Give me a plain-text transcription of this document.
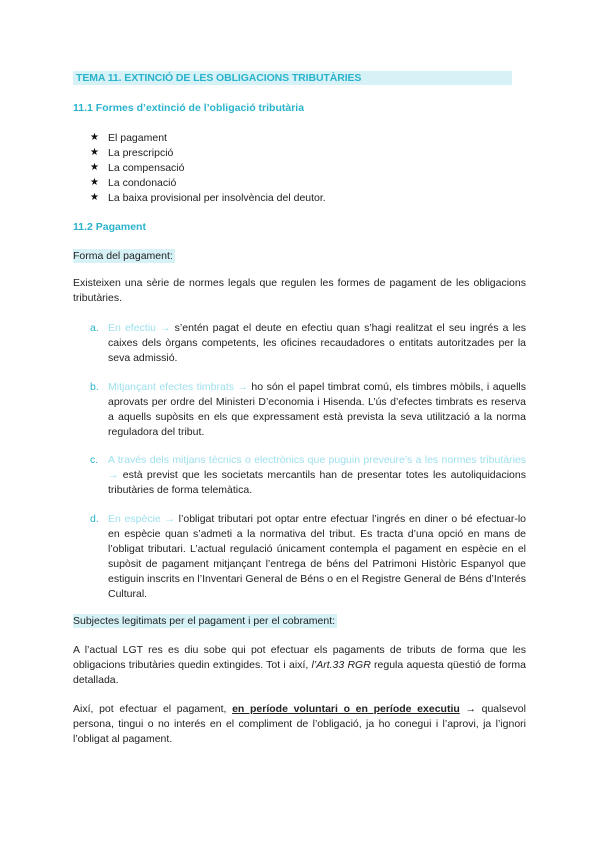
TEMA 11. EXTINCIÓ DE LES OBLIGACIONS TRIBUTÀRIES
11.1 Formes d’extinció de l’obligació tributària
★ El pagament
★ La prescripció
★ La compensació
★ La condonació
★ La baixa provisional per insolvència del deutor.
11.2 Pagament
Forma del pagament:
Existeixen una sèrie de normes legals que regulen les formes de pagament de les obligacions tributàries.
a. En efectiu → s’entén pagat el deute en efectiu quan s’hagi realitzat el seu ingrés a les caixes dels òrgans competents, les oficines recaudadores o entitats autoritzades per la seva admissió.
b. Mitjançant efectes timbrats → ho són el papel timbrat comú, els timbres mòbils, i aquells aprovats per ordre del Ministeri D’economia i Hisenda. L’ús d’efectes timbrats es reserva a aquells supòsits en els que expressament està prevista la seva utilització a la norma reguladora del tribut.
c. A través dels mitjans tècnics o electrònics que puguin preveure’s a les normes tributàries → està previst que les societats mercantils han de presentar totes les autoliquidacions tributàries de forma telemàtica.
d. En espècie → l’obligat tributari pot optar entre efectuar l’ingrés en diner o bé efectuar-lo en espècie quan s’admeti a la normativa del tribut. Es tracta d’una opció en mans de l’obligat tributari. L’actual regulació únicament contempla el pagament en espècie en el supòsit de pagament mitjançant l’entrega de béns del Patrimoni Històric Espanyol que estiguin inscrits en l’Inventari General de Béns o en el Registre General de Béns d’Interés Cultural.
Subjectes legitimats per el pagament i per el cobrament:
A l’actual LGT res es diu sobe qui pot efectuar els pagaments de tributs de forma que les obligacions tributàries quedin extingides. Tot i així, l’Art.33 RGR regula aquesta qüestió de forma detallada.
Així, pot efectuar el pagament, en període voluntari o en període executiu → qualsevol persona, tingui o no interés en el compliment de l’obligació, ja ho conegui i l’aprovi, ja l’ignori l’obligat al pagament.
